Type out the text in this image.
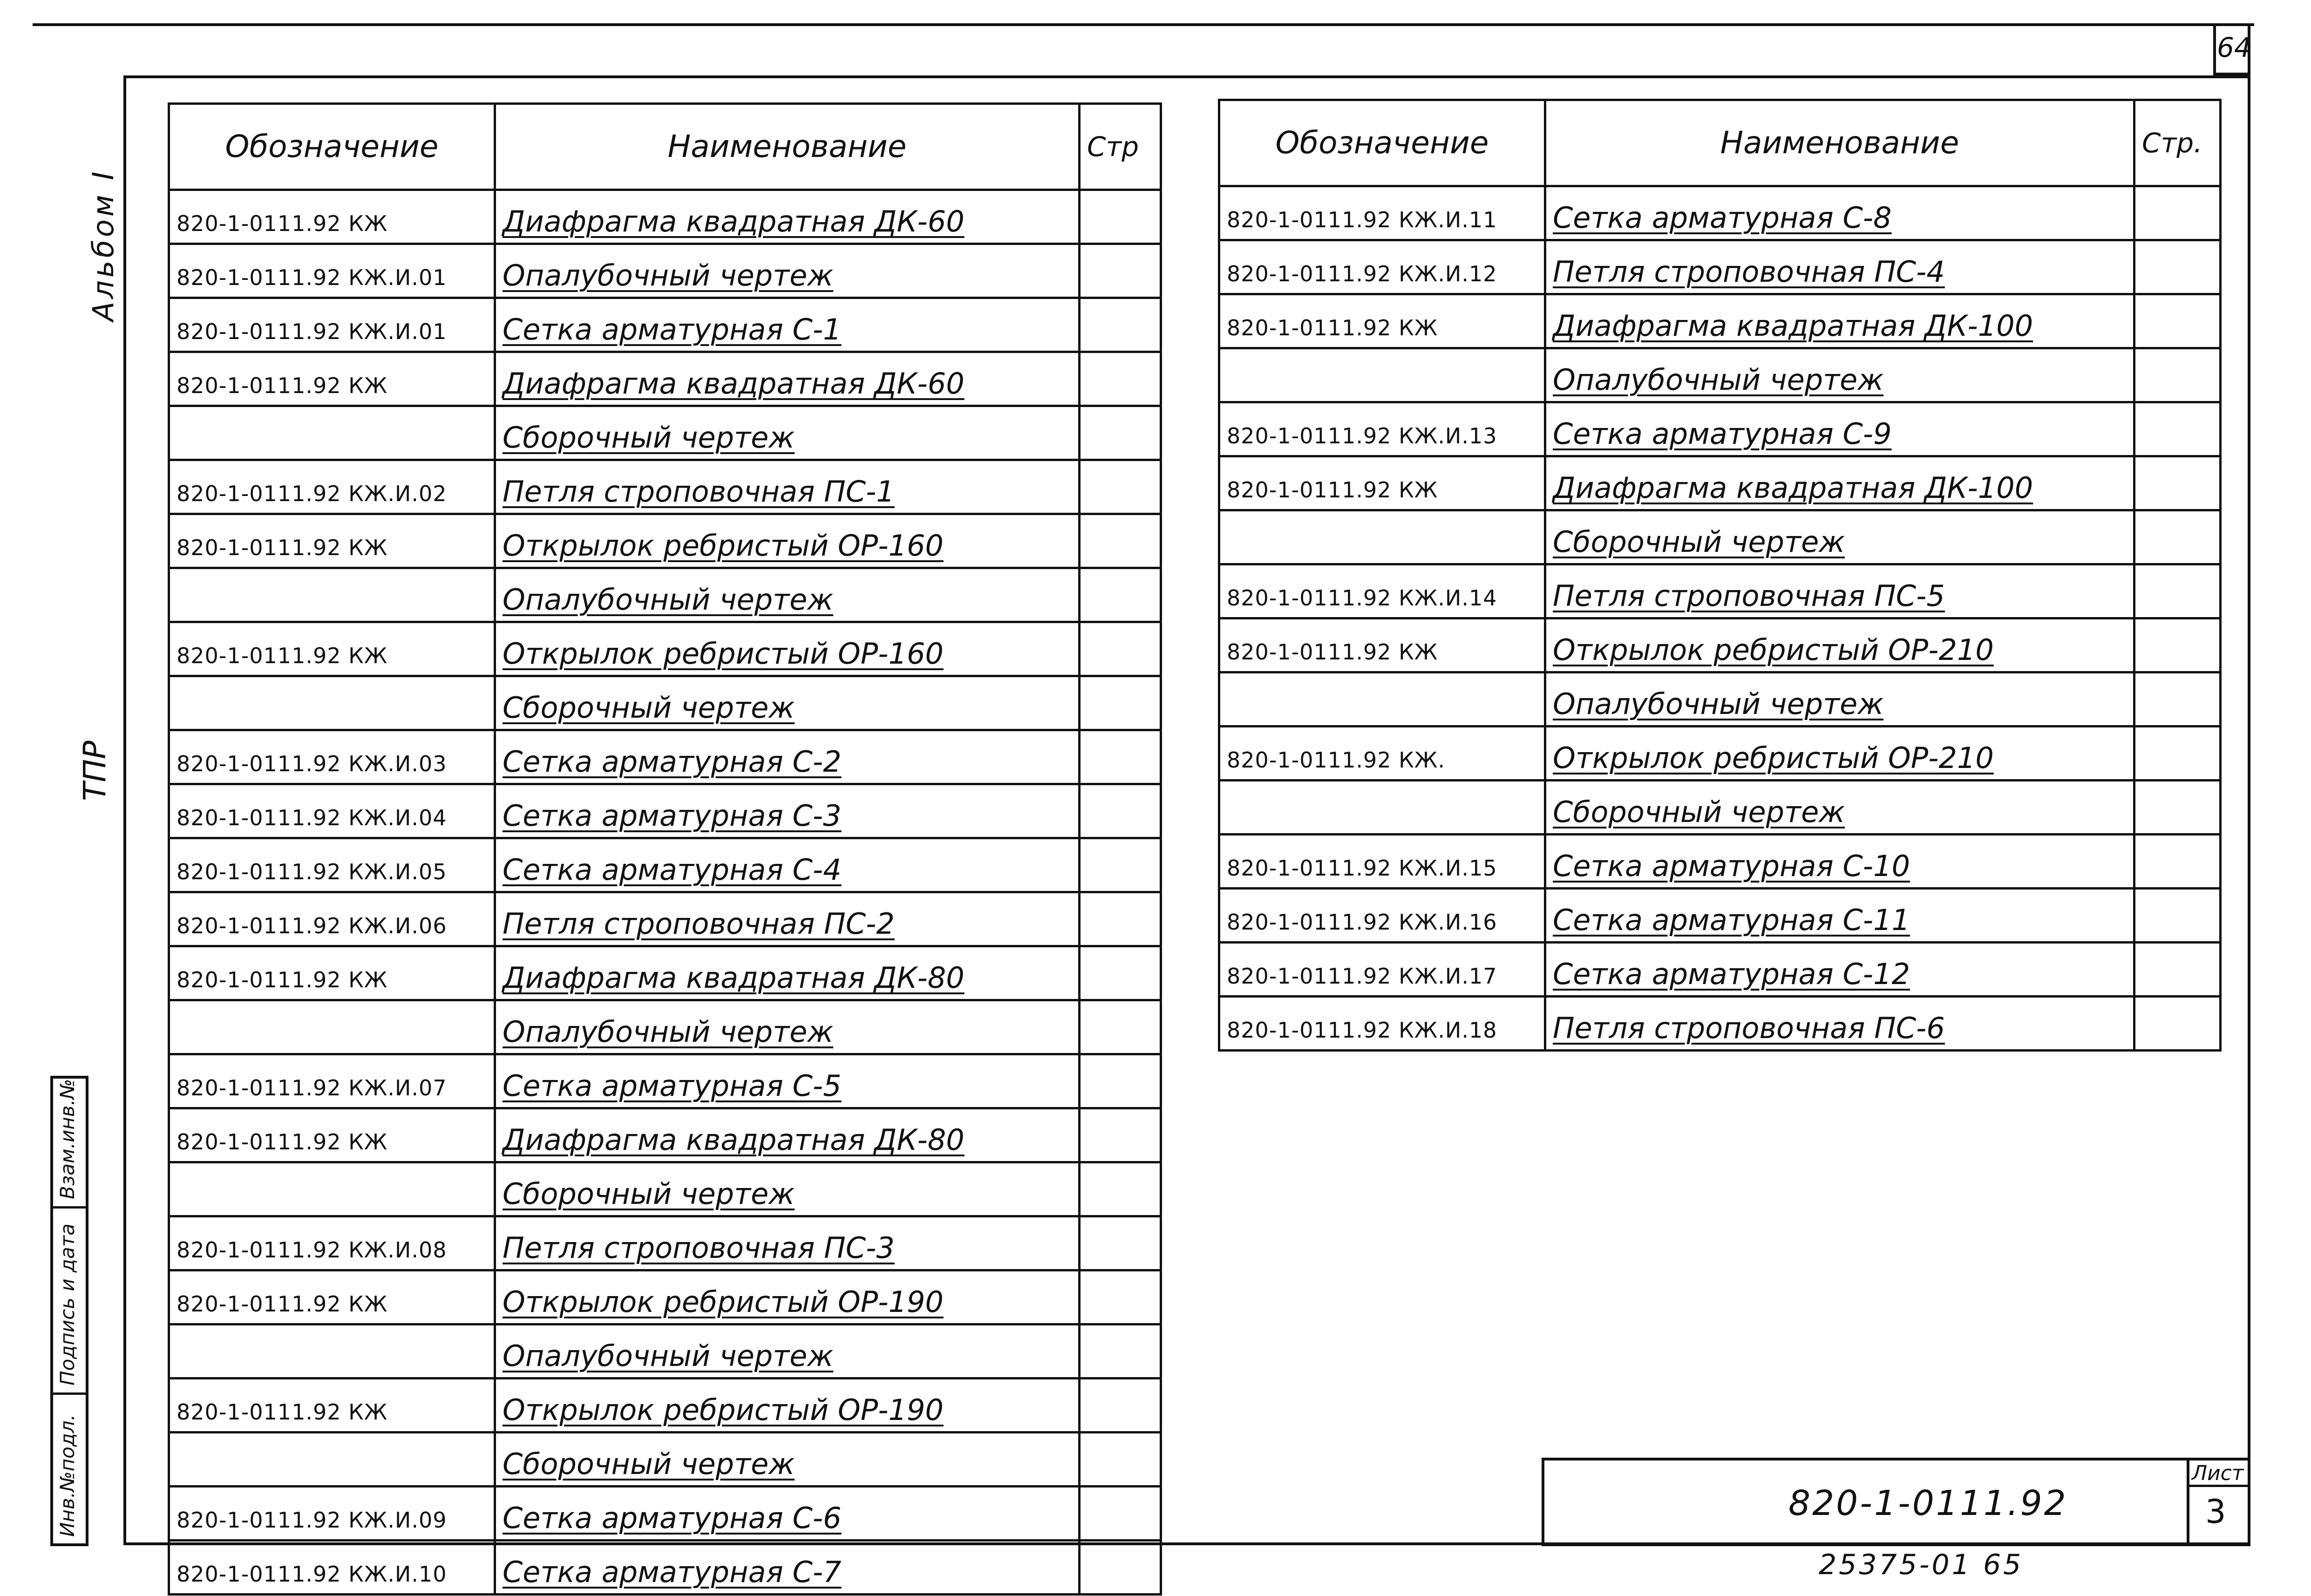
64
Альбом I
ТПР
Инв.№подл.
Подпись и дата
Взам.инв.№
Обозначение	Наименование	Стр
820-1-0111.92 КЖ	Диафрагма квадратная ДК-60	
820-1-0111.92 КЖ.И.01	Опалубочный чертеж	
820-1-0111.92 КЖ.И.01	Сетка арматурная С-1	
820-1-0111.92 КЖ	Диафрагма квадратная ДК-60	
	Сборочный чертеж	
820-1-0111.92 КЖ.И.02	Петля строповочная ПС-1	
820-1-0111.92 КЖ	Открылок ребристый ОР-160	
	Опалубочный чертеж	
820-1-0111.92 КЖ	Открылок ребристый ОР-160	
	Сборочный чертеж	
820-1-0111.92 КЖ.И.03	Сетка арматурная С-2	
820-1-0111.92 КЖ.И.04	Сетка арматурная С-3	
820-1-0111.92 КЖ.И.05	Сетка арматурная С-4	
820-1-0111.92 КЖ.И.06	Петля строповочная ПС-2	
820-1-0111.92 КЖ	Диафрагма квадратная ДК-80	
	Опалубочный чертеж	
820-1-0111.92 КЖ.И.07	Сетка арматурная С-5	
820-1-0111.92 КЖ	Диафрагма квадратная ДК-80	
	Сборочный чертеж	
820-1-0111.92 КЖ.И.08	Петля строповочная ПС-3	
820-1-0111.92 КЖ	Открылок ребристый ОР-190	
	Опалубочный чертеж	
820-1-0111.92 КЖ	Открылок ребристый ОР-190	
	Сборочный чертеж	
820-1-0111.92 КЖ.И.09	Сетка арматурная С-6	
820-1-0111.92 КЖ.И.10	Сетка арматурная С-7	
Обозначение	Наименование	Стр.
820-1-0111.92 КЖ.И.11	Сетка арматурная С-8	
820-1-0111.92 КЖ.И.12	Петля строповочная ПС-4	
820-1-0111.92 КЖ	Диафрагма квадратная ДК-100	
	Опалубочный чертеж	
820-1-0111.92 КЖ.И.13	Сетка арматурная С-9	
820-1-0111.92 КЖ	Диафрагма квадратная ДК-100	
	Сборочный чертеж	
820-1-0111.92 КЖ.И.14	Петля строповочная ПС-5	
820-1-0111.92 КЖ	Открылок ребристый ОР-210	
	Опалубочный чертеж	
820-1-0111.92 КЖ.	Открылок ребристый ОР-210	
	Сборочный чертеж	
820-1-0111.92 КЖ.И.15	Сетка арматурная С-10	
820-1-0111.92 КЖ.И.16	Сетка арматурная С-11	
820-1-0111.92 КЖ.И.17	Сетка арматурная С-12	
820-1-0111.92 КЖ.И.18	Петля строповочная ПС-6	
820-1-0111.92
Лист
3
25375-01 65
